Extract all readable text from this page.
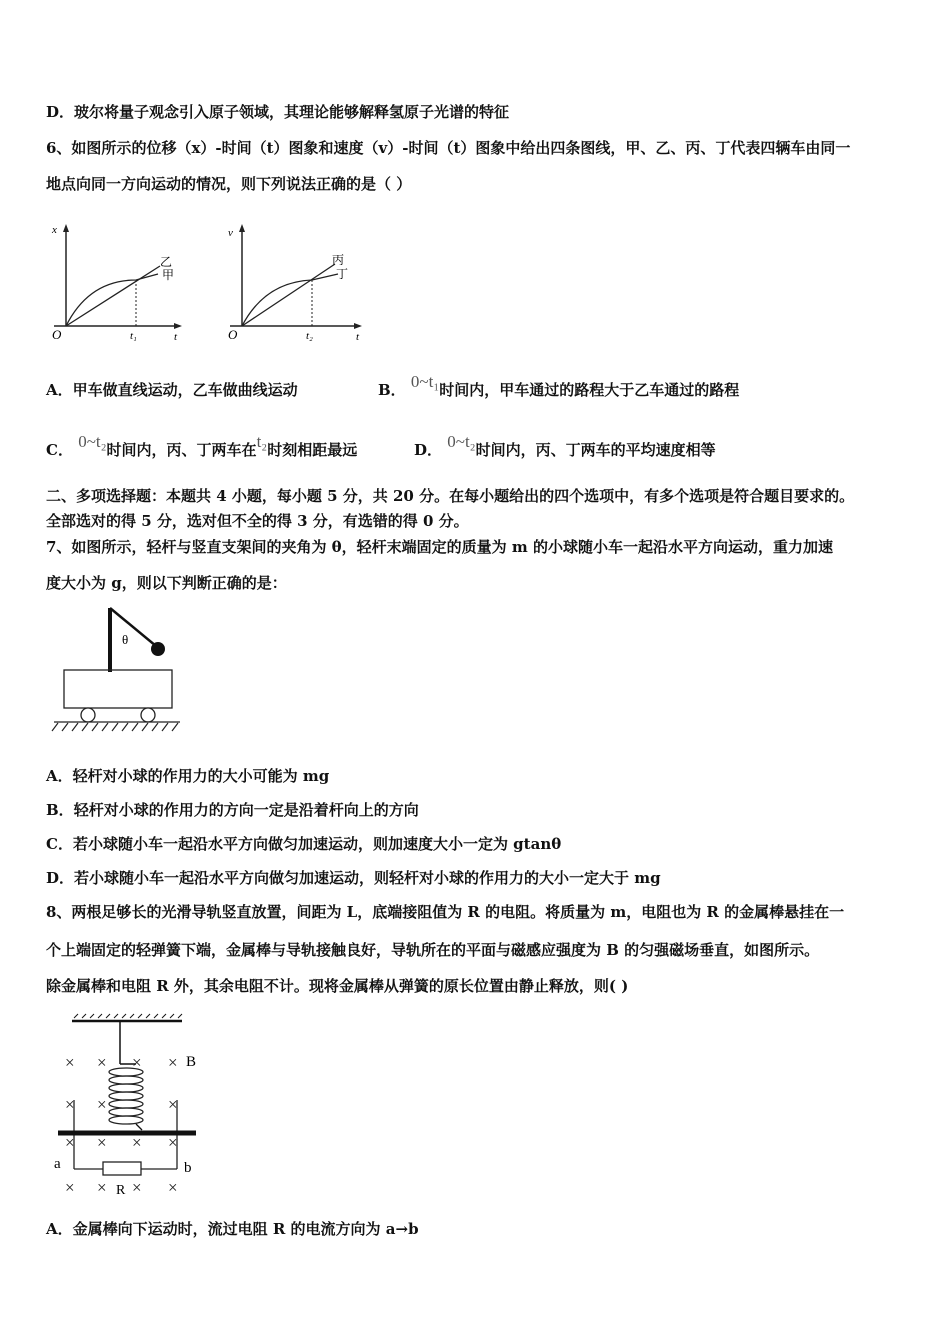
D．玻尔将量子观念引入原子领域，其理论能够解释氢原子光谱的特征
6、如图所示的位移（x）-时间（t）图象和速度（v）-时间（t）图象中给出四条图线，甲、乙、丙、丁代表四辆车由同一
地点向同一方向运动的情况，则下列说法正确的是（ ）
x
O	t₁	t
乙
甲
v
O	t₂	t
丙
丁
A．甲车做直线运动，乙车做曲线运动	B． 0~t₁时间内，甲车通过的路程大于乙车通过的路程
C． 0~t₂时间内，丙、丁两车在t₂时刻相距最远	D． 0~t₂时间内，丙、丁两车的平均速度相等
二、多项选择题：本题共 4 小题，每小题 5 分，共 20 分。在每小题给出的四个选项中，有多个选项是符合题目要求的。
全部选对的得 5 分，选对但不全的得 3 分，有选错的得 0 分。
7、如图所示，轻杆与竖直支架间的夹角为 θ，轻杆末端固定的质量为 m 的小球随小车一起沿水平方向运动，重力加速
度大小为 g，则以下判断正确的是：
θ
A．轻杆对小球的作用力的大小可能为 mg
B．轻杆对小球的作用力的方向一定是沿着杆向上的方向
C．若小球随小车一起沿水平方向做匀加速运动，则加速度大小一定为 gtanθ
D．若小球随小车一起沿水平方向做匀加速运动，则轻杆对小球的作用力的大小一定大于 mg
8、两根足够长的光滑导轨竖直放置，间距为 L，底端接阻值为 R 的电阻。将质量为 m，电阻也为 R 的金属棒悬挂在一
个上端固定的轻弹簧下端，金属棒与导轨接触良好，导轨所在的平面与磁感应强度为 B 的匀强磁场垂直，如图所示。
除金属棒和电阻 R 外，其余电阻不计。现将金属棒从弹簧的原长位置由静止释放，则( )
× × × ×
× ×	×
× × × ×
× × × ×
B
a	b
R
A．金属棒向下运动时，流过电阻 R 的电流方向为 a→b
